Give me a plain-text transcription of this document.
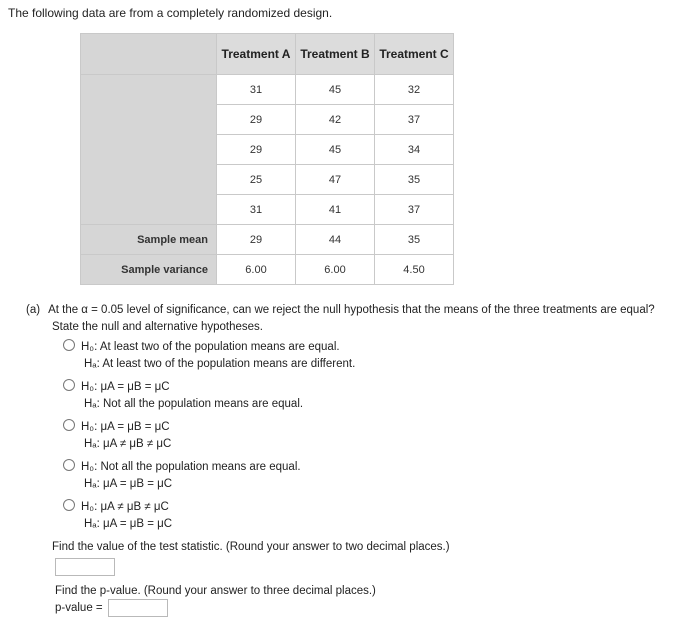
The following data are from a completely randomized design.
	Treatment A	Treatment B	Treatment C
	31	45	32
	29	42	37
	29	45	34
	25	47	35
	31	41	37
Sample mean	29	44	35
Sample variance	6.00	6.00	4.50
(a) At the α = 0.05 level of significance, can we reject the null hypothesis that the means of the three treatments are equal?
State the null and alternative hypotheses.
H₀: At least two of the population means are equal.
Hₐ: At least two of the population means are different.
H₀: μA = μB = μC
Hₐ: Not all the population means are equal.
H₀: μA = μB = μC
Hₐ: μA ≠ μB ≠ μC
H₀: Not all the population means are equal.
Hₐ: μA = μB = μC
H₀: μA ≠ μB ≠ μC
Hₐ: μA = μB = μC
Find the value of the test statistic. (Round your answer to two decimal places.)
Find the p-value. (Round your answer to three decimal places.)
p-value =
